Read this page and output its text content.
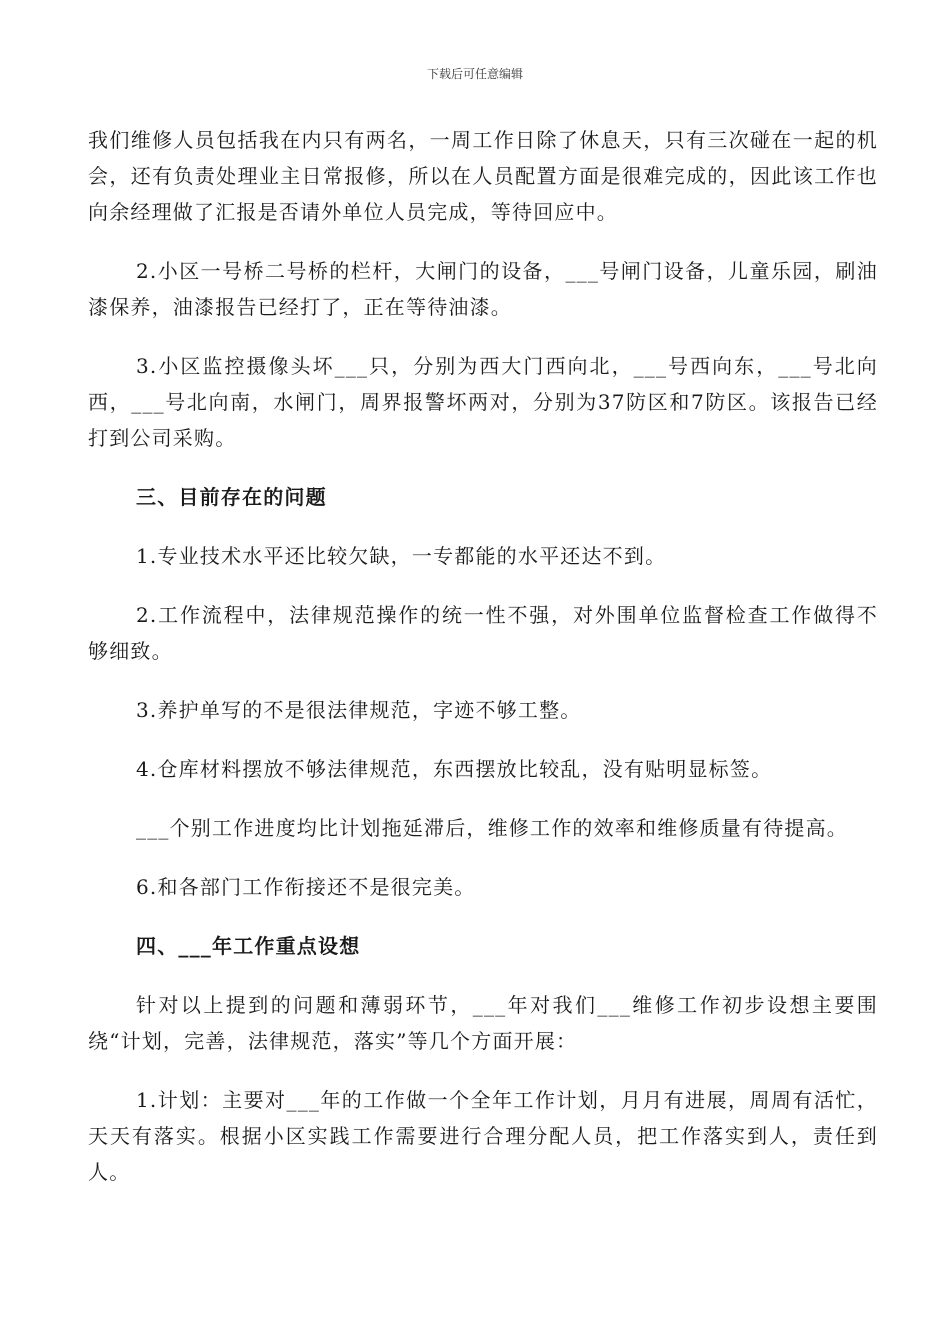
下载后可任意编辑

我们维修人员包括我在内只有两名，一周工作日除了休息天，只有三次碰在一起的机会，还有负责处理业主日常报修，所以在人员配置方面是很难完成的，因此该工作也向余经理做了汇报是否请外单位人员完成，等待回应中。

2.小区一号桥二号桥的栏杆，大闸门的设备，___号闸门设备，儿童乐园，刷油漆保养，油漆报告已经打了，正在等待油漆。

3.小区监控摄像头坏___只，分别为西大门西向北，___号西向东，___号北向西，___号北向南，水闸门，周界报警坏两对，分别为37防区和7防区。该报告已经打到公司采购。

三、目前存在的问题

1.专业技术水平还比较欠缺，一专都能的水平还达不到。

2.工作流程中，法律规范操作的统一性不强，对外围单位监督检查工作做得不够细致。

3.养护单写的不是很法律规范，字迹不够工整。

4.仓库材料摆放不够法律规范，东西摆放比较乱，没有贴明显标签。

___个别工作进度均比计划拖延滞后，维修工作的效率和维修质量有待提高。

6.和各部门工作衔接还不是很完美。

四、___年工作重点设想

针对以上提到的问题和薄弱环节，___年对我们___维修工作初步设想主要围绕“计划，完善，法律规范，落实”等几个方面开展：

1.计划：主要对___年的工作做一个全年工作计划，月月有进展，周周有活忙，天天有落实。根据小区实践工作需要进行合理分配人员，把工作落实到人，责任到人。
